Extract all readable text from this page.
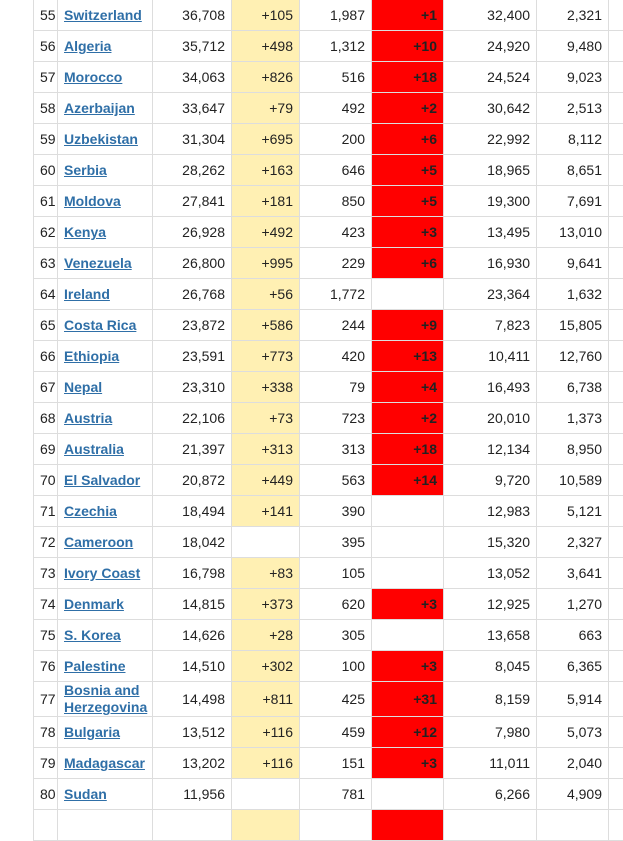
55	Switzerland	36,708	+105	1,987	+1	32,400	2,321	
56	Algeria	35,712	+498	1,312	+10	24,920	9,480	
57	Morocco	34,063	+826	516	+18	24,524	9,023	
58	Azerbaijan	33,647	+79	492	+2	30,642	2,513	
59	Uzbekistan	31,304	+695	200	+6	22,992	8,112	
60	Serbia	28,262	+163	646	+5	18,965	8,651	
61	Moldova	27,841	+181	850	+5	19,300	7,691	
62	Kenya	26,928	+492	423	+3	13,495	13,010	
63	Venezuela	26,800	+995	229	+6	16,930	9,641	
64	Ireland	26,768	+56	1,772		23,364	1,632	
65	Costa Rica	23,872	+586	244	+9	7,823	15,805	
66	Ethiopia	23,591	+773	420	+13	10,411	12,760	
67	Nepal	23,310	+338	79	+4	16,493	6,738	
68	Austria	22,106	+73	723	+2	20,010	1,373	
69	Australia	21,397	+313	313	+18	12,134	8,950	
70	El Salvador	20,872	+449	563	+14	9,720	10,589	
71	Czechia	18,494	+141	390		12,983	5,121	
72	Cameroon	18,042		395		15,320	2,327	
73	Ivory Coast	16,798	+83	105		13,052	3,641	
74	Denmark	14,815	+373	620	+3	12,925	1,270	
75	S. Korea	14,626	+28	305		13,658	663	
76	Palestine	14,510	+302	100	+3	8,045	6,365	
77	Bosnia and Herzegovina	14,498	+811	425	+31	8,159	5,914	
78	Bulgaria	13,512	+116	459	+12	7,980	5,073	
79	Madagascar	13,202	+116	151	+3	11,011	2,040	
80	Sudan	11,956		781		6,266	4,909	
